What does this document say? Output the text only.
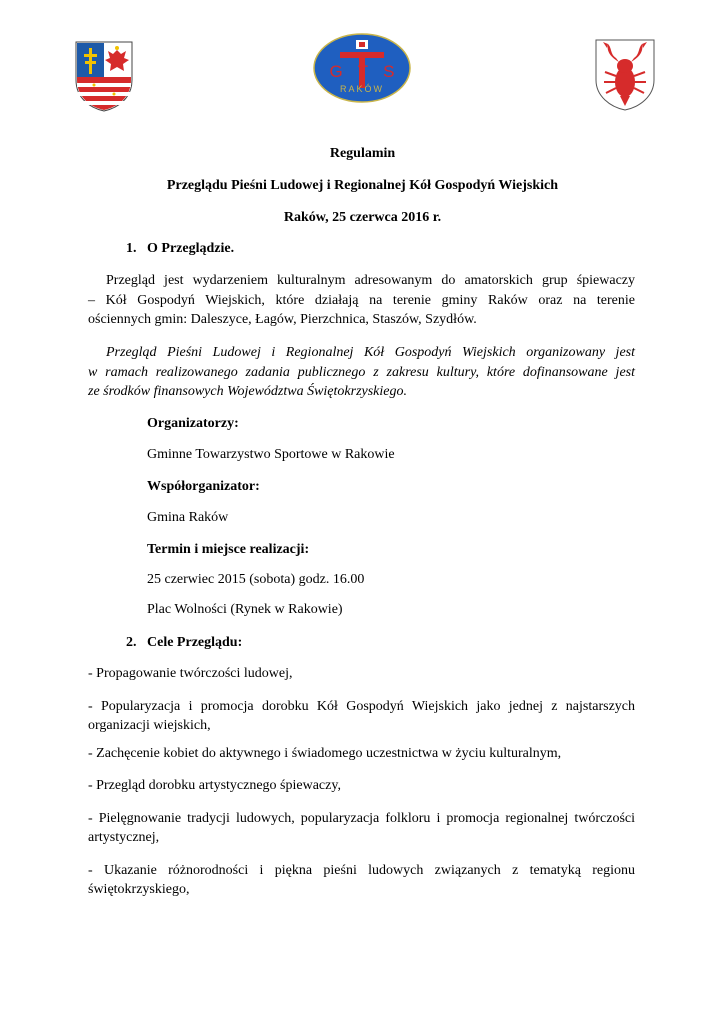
GTS
RAKÓW
Regulamin
Przeglądu Pieśni Ludowej i Regionalnej Kół Gospodyń Wiejskich
Raków, 25 czerwca 2016 r.
1.   O Przeglądzie.
Przegląd jest wydarzeniem kulturalnym adresowanym do amatorskich grup śpiewaczy
– Kół Gospodyń Wiejskich, które działają na terenie gminy Raków oraz na terenie
ościennych gmin: Daleszyce, Łagów, Pierzchnica, Staszów, Szydłów.
Przegląd Pieśni Ludowej i Regionalnej Kół Gospodyń Wiejskich organizowany jest
w ramach realizowanego zadania publicznego z zakresu kultury, które dofinansowane jest
ze środków finansowych Województwa Świętokrzyskiego.
Organizatorzy:
Gminne Towarzystwo Sportowe w Rakowie
Współorganizator:
Gmina Raków
Termin i miejsce realizacji:
25 czerwiec 2015 (sobota) godz. 16.00
Plac Wolności (Rynek w Rakowie)
2.   Cele Przeglądu:
- Propagowanie twórczości ludowej,
- Popularyzacja i promocja dorobku Kół Gospodyń Wiejskich jako jednej z najstarszych
organizacji wiejskich,
- Zachęcenie kobiet do aktywnego i świadomego uczestnictwa w życiu kulturalnym,
- Przegląd dorobku artystycznego śpiewaczy,
- Pielęgnowanie tradycji ludowych, popularyzacja folkloru i promocja regionalnej twórczości
artystycznej,
- Ukazanie różnorodności i piękna pieśni ludowych związanych z tematyką regionu
świętokrzyskiego,
